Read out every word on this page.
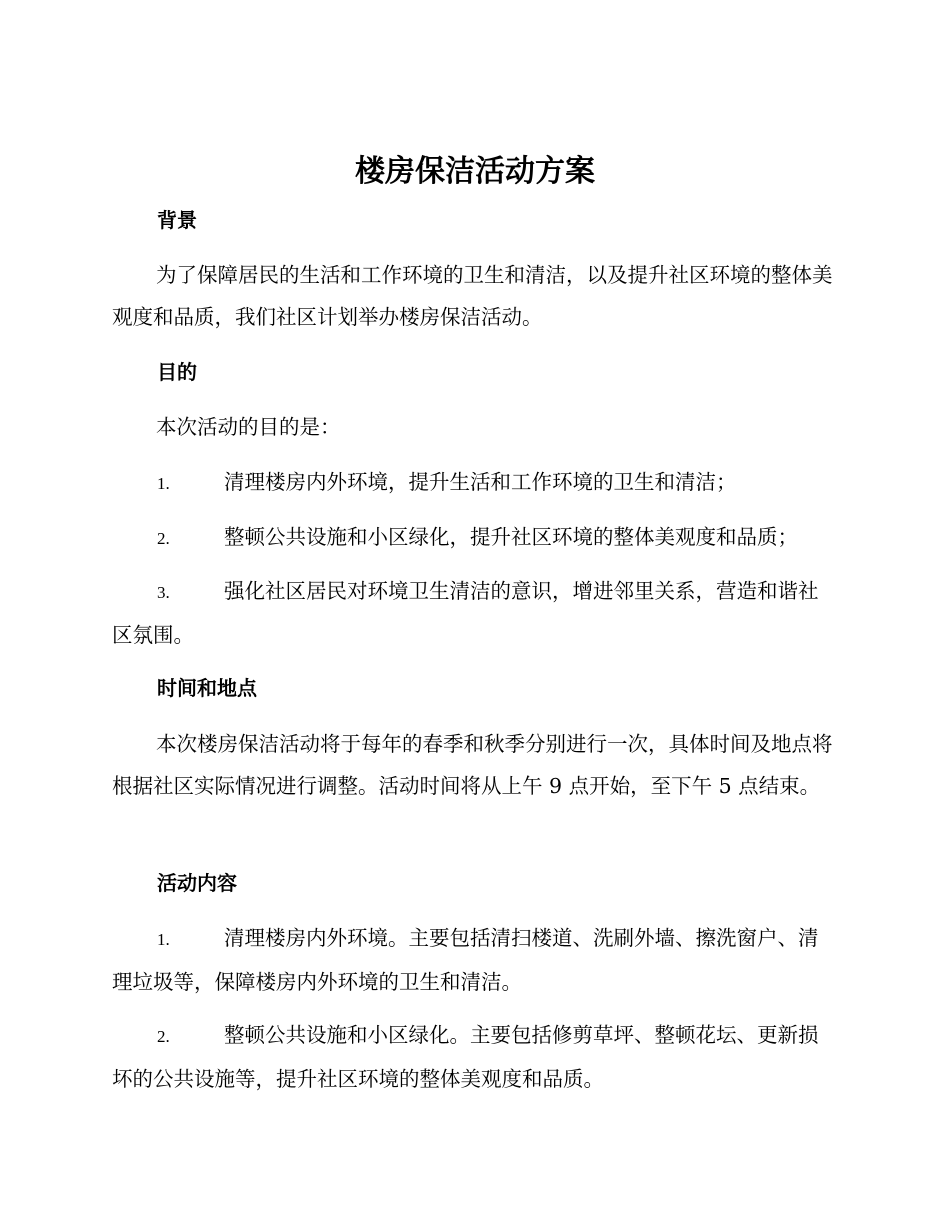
楼房保洁活动方案
背景

为了保障居民的生活和工作环境的卫生和清洁，以及提升社区环境的整体美观度和品质，我们社区计划举办楼房保洁活动。

目的

本次活动的目的是：

1.	清理楼房内外环境，提升生活和工作环境的卫生和清洁；
2.	整顿公共设施和小区绿化，提升社区环境的整体美观度和品质；
3.	强化社区居民对环境卫生清洁的意识，增进邻里关系，营造和谐社区氛围。
时间和地点

本次楼房保洁活动将于每年的春季和秋季分别进行一次，具体时间及地点将根据社区实际情况进行调整。活动时间将从上午 9 点开始，至下午 5 点结束。

活动内容
1.	清理楼房内外环境。主要包括清扫楼道、洗刷外墙、擦洗窗户、清理垃圾等，保障楼房内外环境的卫生和清洁。
2.	整顿公共设施和小区绿化。主要包括修剪草坪、整顿花坛、更新损坏的公共设施等，提升社区环境的整体美观度和品质。
